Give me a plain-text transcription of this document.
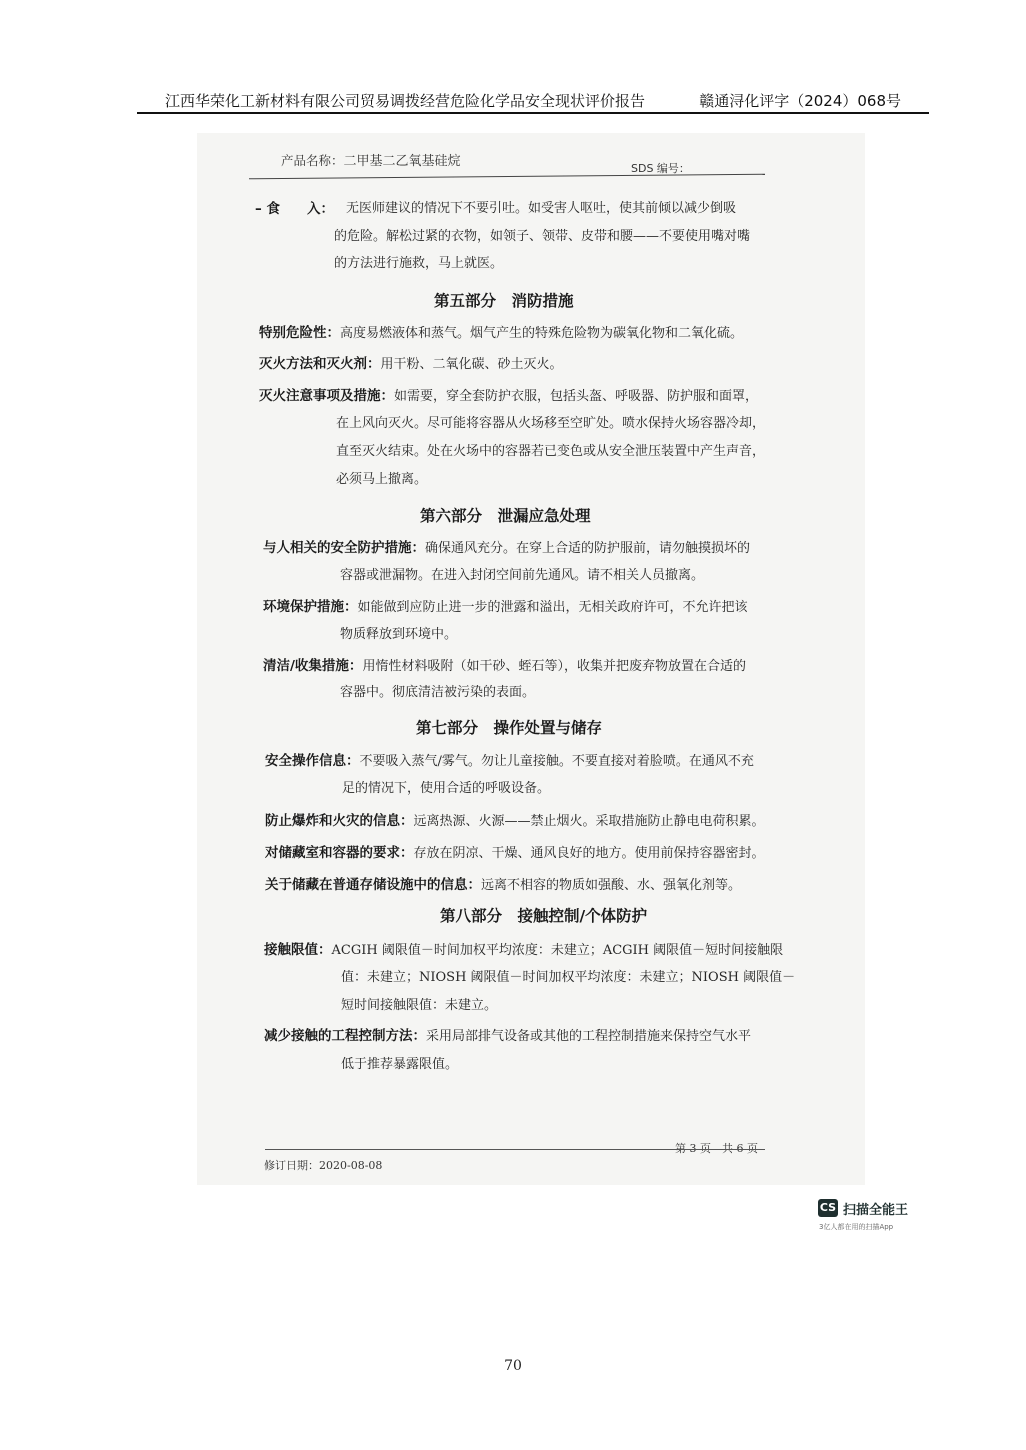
江西华荣化工新材料有限公司贸易调拨经营危险化学品安全现状评价报告	赣通浔化评字（2024）068号
产品名称：二甲基二乙氧基硅烷	SDS 编号：
– 食　　入： 无医师建议的情况下不要引吐。如受害人呕吐，使其前倾以减少倒吸
的危险。解松过紧的衣物，如领子、领带、皮带和腰——不要使用嘴对嘴
的方法进行施救，马上就医。
第五部分　消防措施
特别危险性：高度易燃液体和蒸气。烟气产生的特殊危险物为碳氧化物和二氧化硫。
灭火方法和灭火剂：用干粉、二氧化碳、砂土灭火。
灭火注意事项及措施：如需要，穿全套防护衣服，包括头盔、呼吸器、防护服和面罩，
在上风向灭火。尽可能将容器从火场移至空旷处。喷水保持火场容器冷却，
直至灭火结束。处在火场中的容器若已变色或从安全泄压装置中产生声音，
必须马上撤离。
第六部分　泄漏应急处理
与人相关的安全防护措施：确保通风充分。在穿上合适的防护服前，请勿触摸损坏的
容器或泄漏物。在进入封闭空间前先通风。请不相关人员撤离。
环境保护措施：如能做到应防止进一步的泄露和溢出，无相关政府许可，不允许把该
物质释放到环境中。
清洁/收集措施：用惰性材料吸附（如干砂、蛭石等），收集并把废弃物放置在合适的
容器中。彻底清洁被污染的表面。
第七部分　操作处置与储存
安全操作信息：不要吸入蒸气/雾气。勿让儿童接触。不要直接对着脸喷。在通风不充
足的情况下，使用合适的呼吸设备。
防止爆炸和火灾的信息：远离热源、火源——禁止烟火。采取措施防止静电电荷积累。
对储藏室和容器的要求：存放在阴凉、干燥、通风良好的地方。使用前保持容器密封。
关于储藏在普通存储设施中的信息：远离不相容的物质如强酸、水、强氧化剂等。
第八部分　接触控制/个体防护
接触限值：ACGIH 阈限值－时间加权平均浓度：未建立；ACGIH 阈限值－短时间接触限
值：未建立；NIOSH 阈限值－时间加权平均浓度：未建立；NIOSH 阈限值－
短时间接触限值：未建立。
减少接触的工程控制方法：采用局部排气设备或其他的工程控制措施来保持空气水平
低于推荐暴露限值。
第 3 页　共 6 页
修订日期：2020-08-08
CS 扫描全能王
3亿人都在用的扫描App
70
